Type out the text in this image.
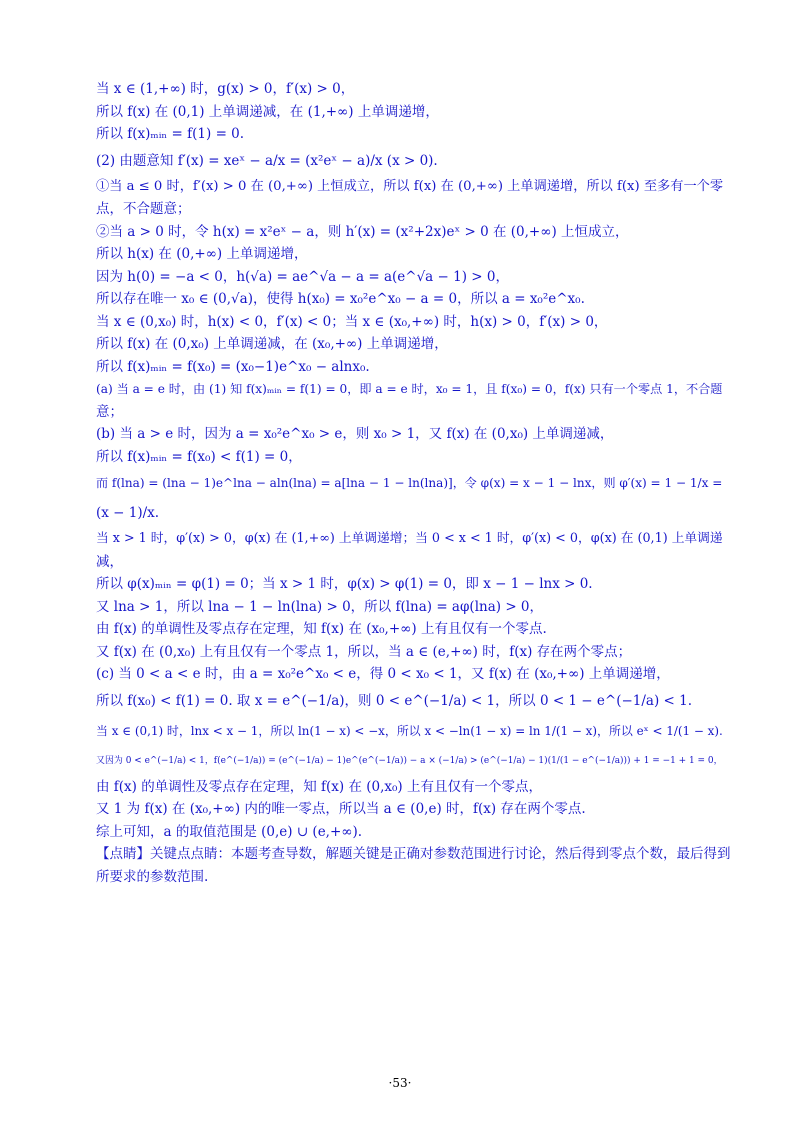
当 x ∈ (1,+∞) 时，g(x) > 0，f′(x) > 0，
所以 f(x) 在 (0,1) 上单调递减，在 (1,+∞) 上单调递增，
所以 f(x)ₘᵢₙ = f(1) = 0.
(2) 由题意知 f′(x) = xeˣ − a/x = (x²eˣ − a)/x (x > 0).
①当 a ≤ 0 时，f′(x) > 0 在 (0,+∞) 上恒成立，所以 f(x) 在 (0,+∞) 上单调递增，所以 f(x) 至多有一个零
点，不合题意；
②当 a > 0 时，令 h(x) = x²eˣ − a，则 h′(x) = (x²+2x)eˣ > 0 在 (0,+∞) 上恒成立，
所以 h(x) 在 (0,+∞) 上单调递增，
因为 h(0) = −a < 0，h(√a) = ae^√a − a = a(e^√a − 1) > 0，
所以存在唯一 x₀ ∈ (0,√a)，使得 h(x₀) = x₀²e^x₀ − a = 0，所以 a = x₀²e^x₀.
当 x ∈ (0,x₀) 时，h(x) < 0，f′(x) < 0；当 x ∈ (x₀,+∞) 时，h(x) > 0，f′(x) > 0，
所以 f(x) 在 (0,x₀) 上单调递减，在 (x₀,+∞) 上单调递增，
所以 f(x)ₘᵢₙ = f(x₀) = (x₀−1)e^x₀ − alnx₀.
(a) 当 a = e 时，由 (1) 知 f(x)ₘᵢₙ = f(1) = 0，即 a = e 时，x₀ = 1，且 f(x₀) = 0，f(x) 只有一个零点 1，不合题
意；
(b) 当 a > e 时，因为 a = x₀²e^x₀ > e，则 x₀ > 1，又 f(x) 在 (0,x₀) 上单调递减，
所以 f(x)ₘᵢₙ = f(x₀) < f(1) = 0，
而 f(lna) = (lna − 1)e^lna − aln(lna) = a[lna − 1 − ln(lna)]，令 φ(x) = x − 1 − lnx，则 φ′(x) = 1 − 1/x =
(x − 1)/x.
当 x > 1 时，φ′(x) > 0，φ(x) 在 (1,+∞) 上单调递增；当 0 < x < 1 时，φ′(x) < 0，φ(x) 在 (0,1) 上单调递
减，
所以 φ(x)ₘᵢₙ = φ(1) = 0；当 x > 1 时，φ(x) > φ(1) = 0，即 x − 1 − lnx > 0.
又 lna > 1，所以 lna − 1 − ln(lna) > 0，所以 f(lna) = aφ(lna) > 0，
由 f(x) 的单调性及零点存在定理，知 f(x) 在 (x₀,+∞) 上有且仅有一个零点.
又 f(x) 在 (0,x₀) 上有且仅有一个零点 1，所以，当 a ∈ (e,+∞) 时，f(x) 存在两个零点；
(c) 当 0 < a < e 时，由 a = x₀²e^x₀ < e，得 0 < x₀ < 1，又 f(x) 在 (x₀,+∞) 上单调递增，
所以 f(x₀) < f(1) = 0. 取 x = e^(−1/a)，则 0 < e^(−1/a) < 1，所以 0 < 1 − e^(−1/a) < 1.
当 x ∈ (0,1) 时，lnx < x − 1，所以 ln(1 − x) < −x，所以 x < −ln(1 − x) = ln 1/(1 − x)，所以 eˣ < 1/(1 − x).
又因为 0 < e^(−1/a) < 1，f(e^(−1/a)) = (e^(−1/a) − 1)e^(e^(−1/a)) − a × (−1/a) > (e^(−1/a) − 1)(1/(1 − e^(−1/a))) + 1 = −1 + 1 = 0，
由 f(x) 的单调性及零点存在定理，知 f(x) 在 (0,x₀) 上有且仅有一个零点，
又 1 为 f(x) 在 (x₀,+∞) 内的唯一零点，所以当 a ∈ (0,e) 时，f(x) 存在两个零点.
综上可知，a 的取值范围是 (0,e) ∪ (e,+∞).
【点睛】关键点点睛：本题考查导数，解题关键是正确对参数范围进行讨论，然后得到零点个数，最后得到
所要求的参数范围.
·53·
